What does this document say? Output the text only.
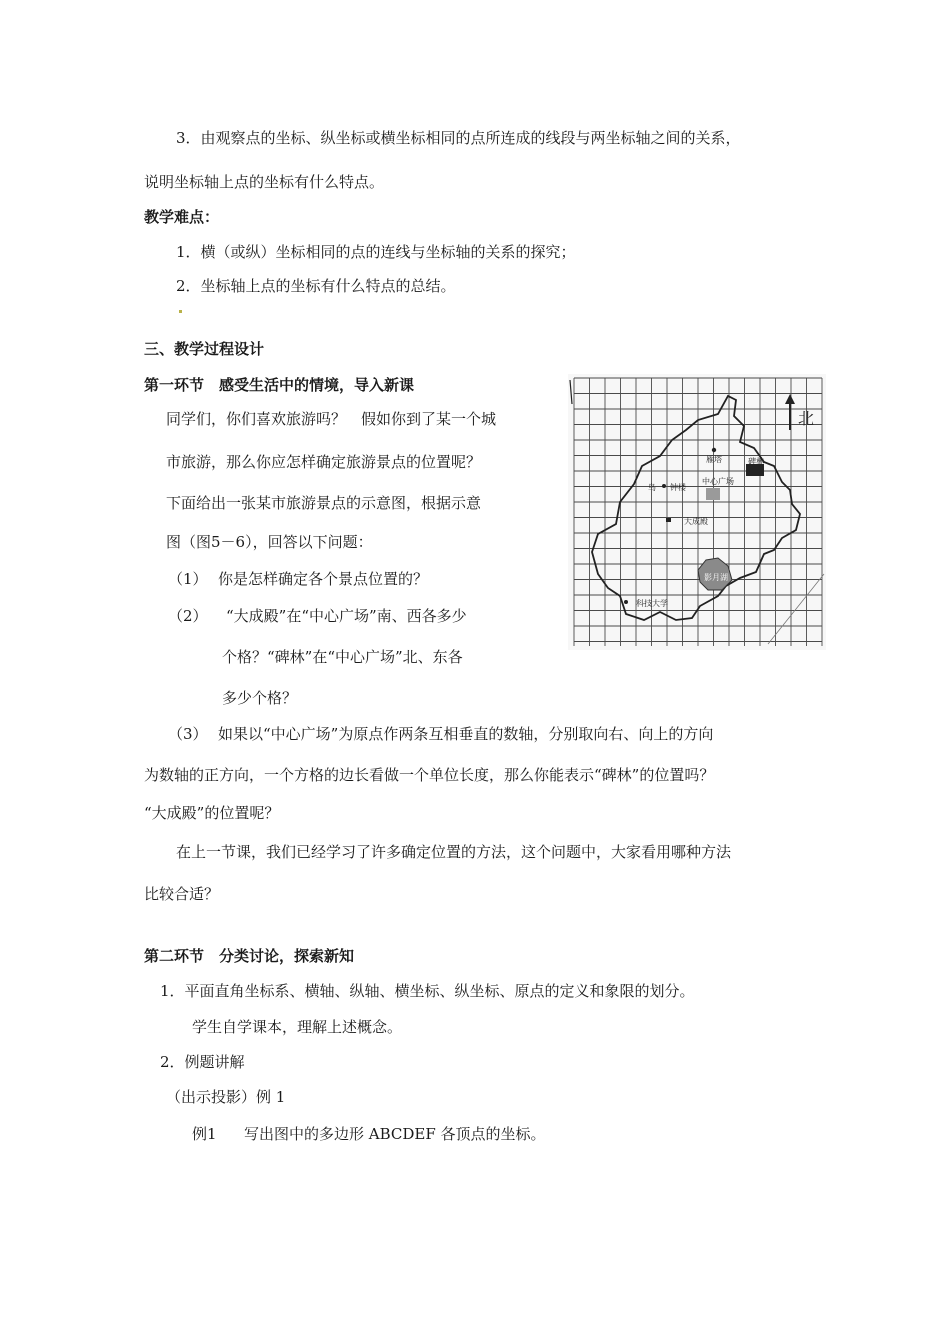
3．由观察点的坐标、纵坐标或横坐标相同的点所连成的线段与两坐标轴之间的关系，
说明坐标轴上点的坐标有什么特点。
教学难点：
1．横（或纵）坐标相同的点的连线与坐标轴的关系的探究；
2．坐标轴上点的坐标有什么特点的总结。
三、教学过程设计
第一环节　感受生活中的情境，导入新课
同学们，你们喜欢旅游吗？　假如你到了某一个城
市旅游，那么你应怎样确定旅游景点的位置呢？
下面给出一张某市旅游景点的示意图，根据示意
图（图5－6），回答以下问题：
（1） 你是怎样确定各个景点位置的？
（2） “大成殿”在“中心广场”南、西各多少
个格？“碑林”在“中心广场”北、东各
多少个格？
（3） 如果以“中心广场”为原点作两条互相垂直的数轴，分别取向右、向上的方向
为数轴的正方向，一个方格的边长看做一个单位长度，那么你能表示“碑林”的位置吗？
“大成殿”的位置呢？
在上一节课，我们已经学习了许多确定位置的方法，这个问题中，大家看用哪种方法
比较合适？
第二环节　分类讨论，探索新知
1．平面直角坐标系、横轴、纵轴、横坐标、纵坐标、原点的定义和象限的划分。
学生自学课本，理解上述概念。
2．例题讲解
（出示投影）例 1
例1 写出图中的多边形 ABCDEF 各顶点的坐标。
北
雁塔	碑林
鸟 钟楼
中心广场
大成殿
影月湖
科技大学
